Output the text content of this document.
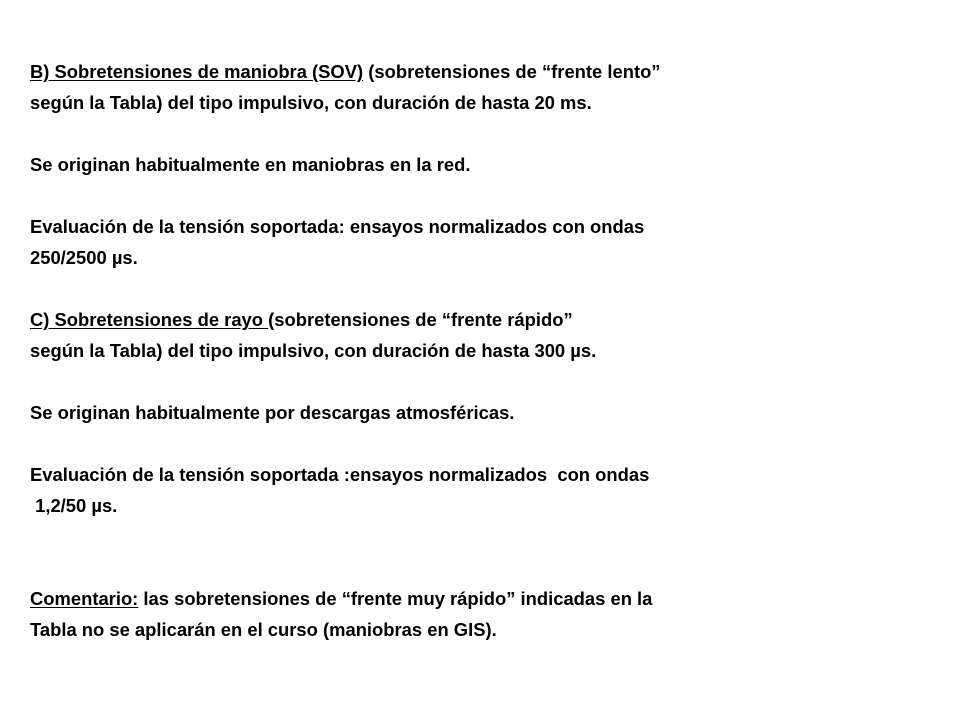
B) Sobretensiones de maniobra (SOV) (sobretensiones de “frente lento”
según la Tabla) del tipo impulsivo, con duración de hasta 20 ms.
Se originan habitualmente en maniobras en la red.
Evaluación de la tensión soportada: ensayos normalizados con ondas
250/2500 µs.
C) Sobretensiones de rayo (sobretensiones de “frente rápido”
según la Tabla) del tipo impulsivo, con duración de hasta 300 µs.
Se originan habitualmente por descargas atmosféricas.
Evaluación de la tensión soportada :ensayos normalizados  con ondas
1,2/50 µs.
Comentario: las sobretensiones de “frente muy rápido” indicadas en la
Tabla no se aplicarán en el curso (maniobras en GIS).
